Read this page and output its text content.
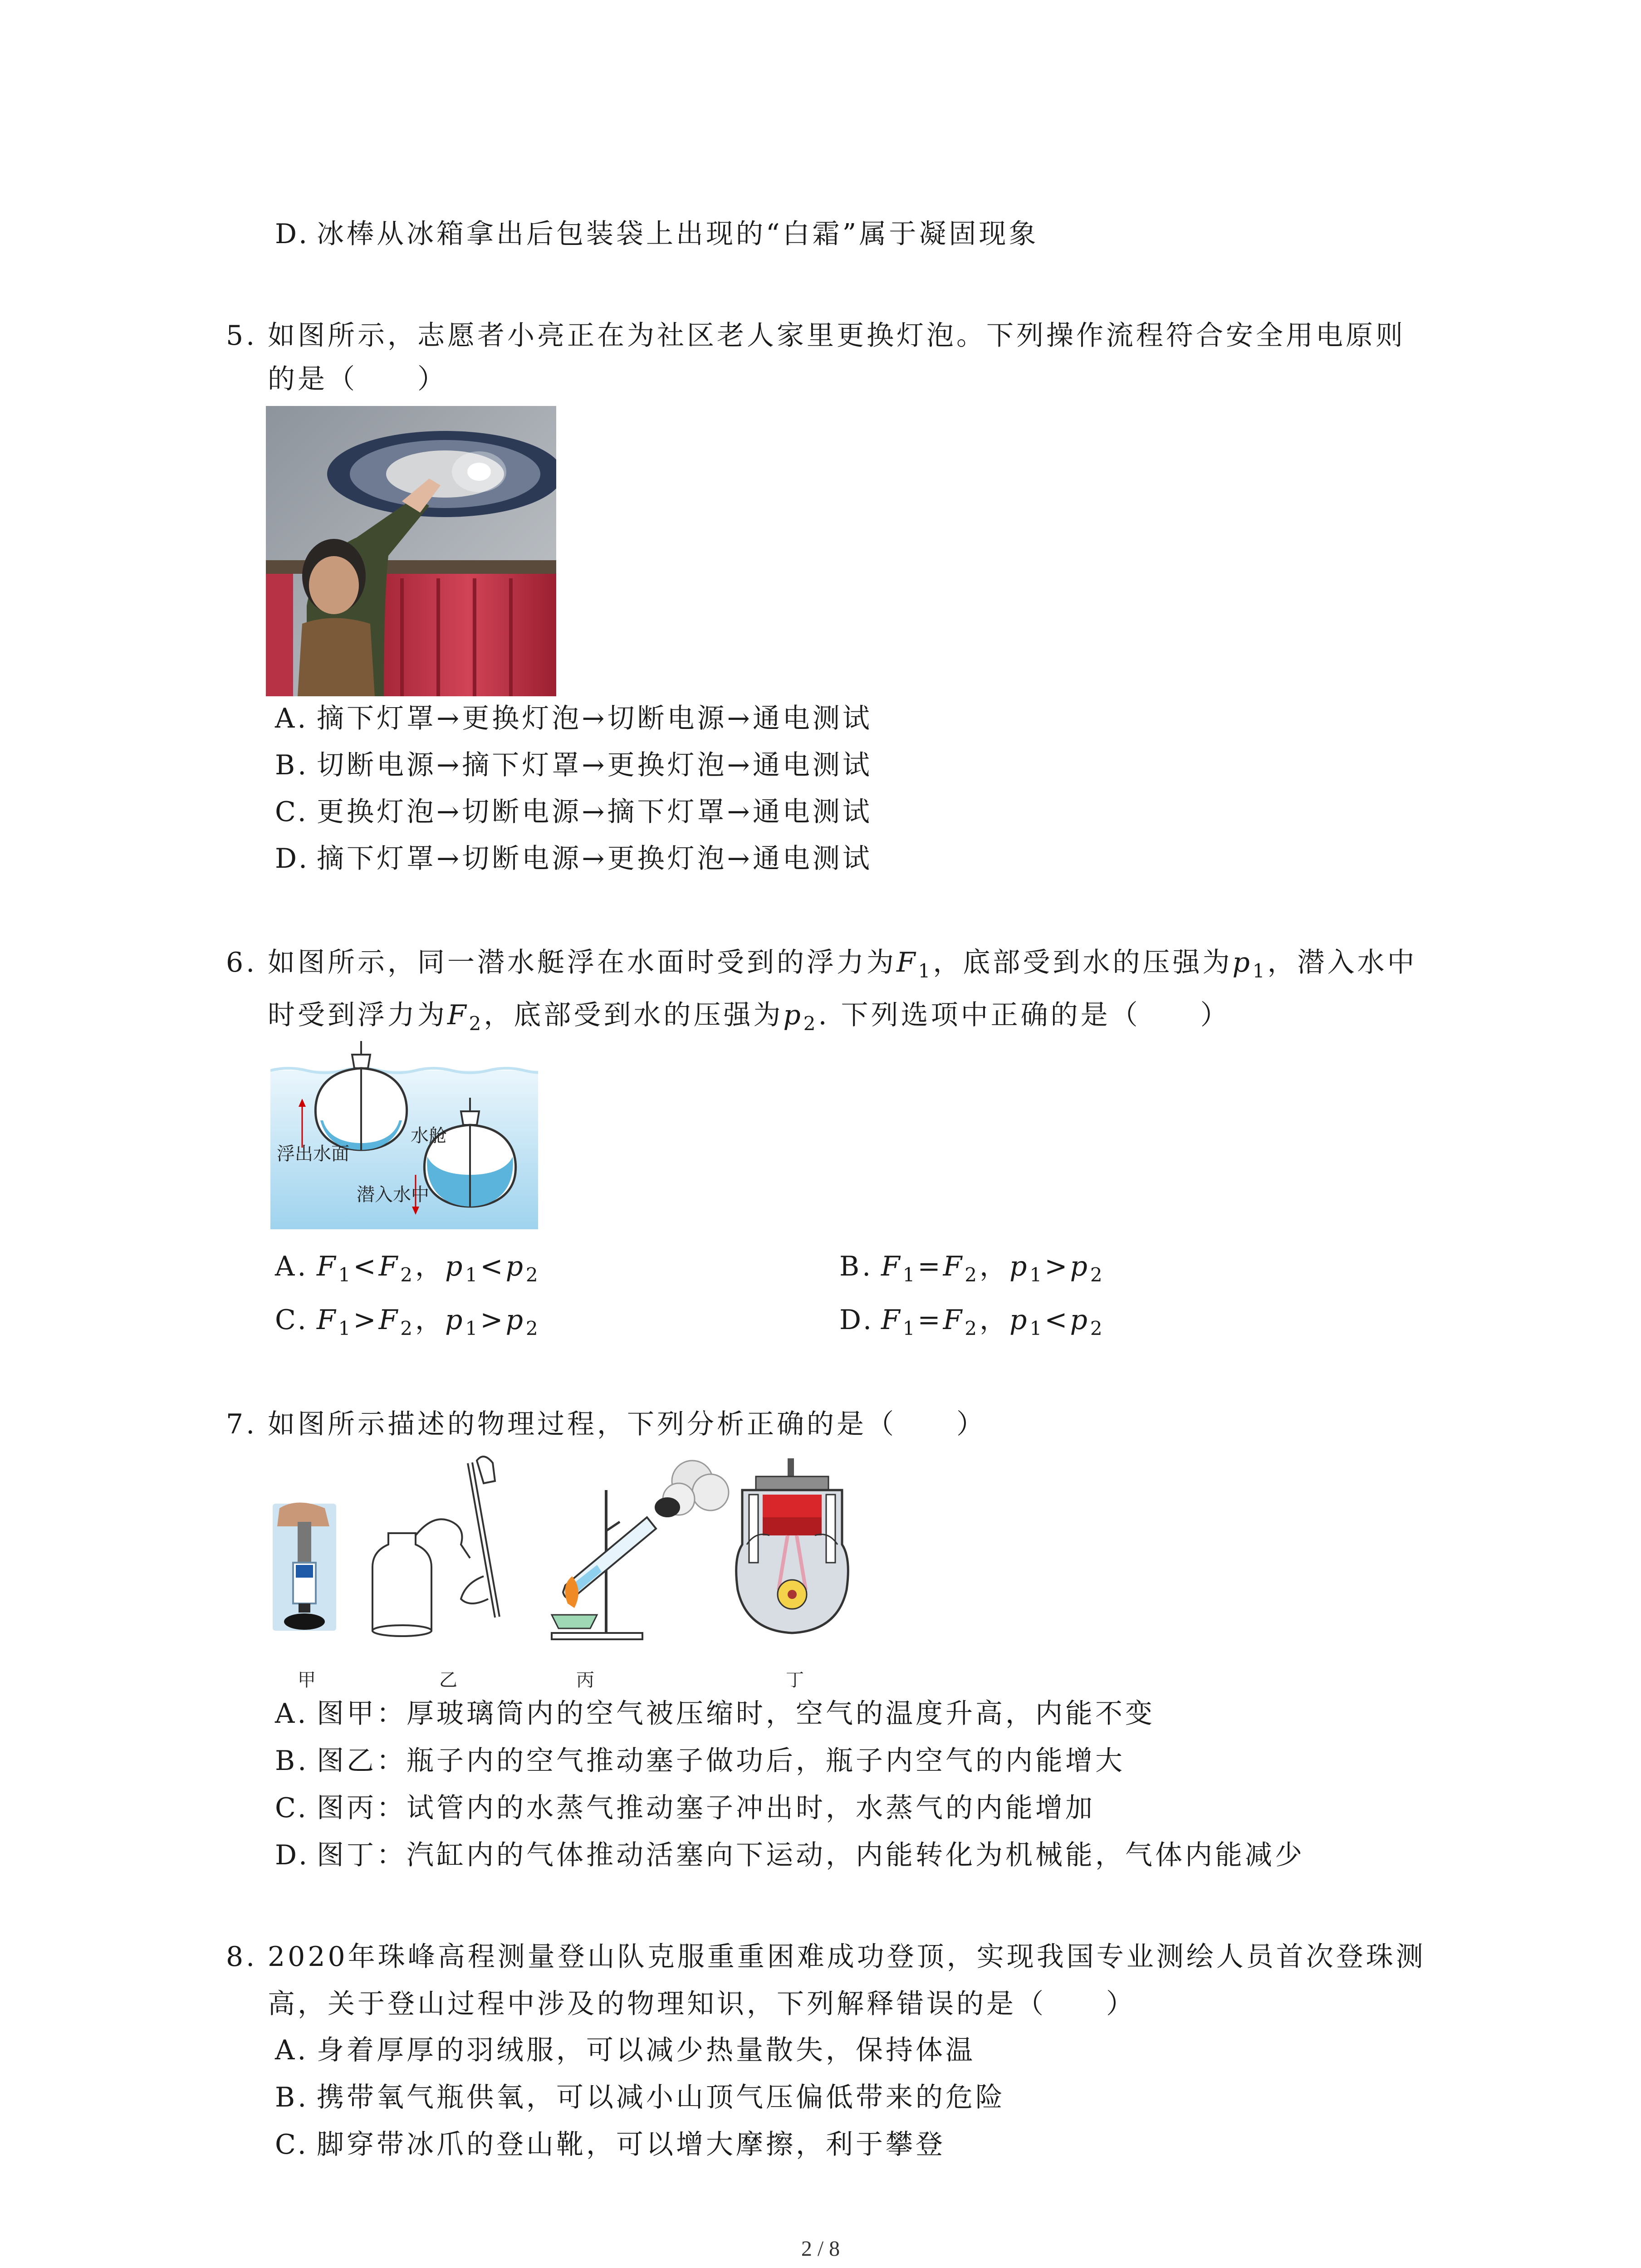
D. 冰棒从冰箱拿出后包装袋上出现的“白霜”属于凝固现象
5. 如图所示，志愿者小亮正在为社区老人家里更换灯泡。下列操作流程符合安全用电原则
的是（　　）
A. 摘下灯罩→更换灯泡→切断电源→通电测试
B. 切断电源→摘下灯罩→更换灯泡→通电测试
C. 更换灯泡→切断电源→摘下灯罩→通电测试
D. 摘下灯罩→切断电源→更换灯泡→通电测试
6. 如图所示，同一潜水艇浮在水面时受到的浮力为$F_1$，底部受到水的压强为$p_1$，潜入水中
时受到浮力为$F_2$，底部受到水的压强为$p_2$. 下列选项中正确的是（　　）
浮出水面
水舱
潜入水中
A. $F_1<F_2$，$p_1<p_2$	B. $F_1=F_2$，$p_1>p_2$
C. $F_1>F_2$，$p_1>p_2$	D. $F_1=F_2$，$p_1<p_2$
7. 如图所示描述的物理过程，下列分析正确的是（　　）
甲	乙	丙	丁
A. 图甲：厚玻璃筒内的空气被压缩时，空气的温度升高，内能不变
B. 图乙：瓶子内的空气推动塞子做功后，瓶子内空气的内能增大
C. 图丙：试管内的水蒸气推动塞子冲出时，水蒸气的内能增加
D. 图丁：汽缸内的气体推动活塞向下运动，内能转化为机械能，气体内能减少
8. 2020年珠峰高程测量登山队克服重重困难成功登顶，实现我国专业测绘人员首次登珠测
高，关于登山过程中涉及的物理知识，下列解释错误的是（　　）
A. 身着厚厚的羽绒服，可以减少热量散失，保持体温
B. 携带氧气瓶供氧，可以减小山顶气压偏低带来的危险
C. 脚穿带冰爪的登山靴，可以增大摩擦，利于攀登
2 / 8
